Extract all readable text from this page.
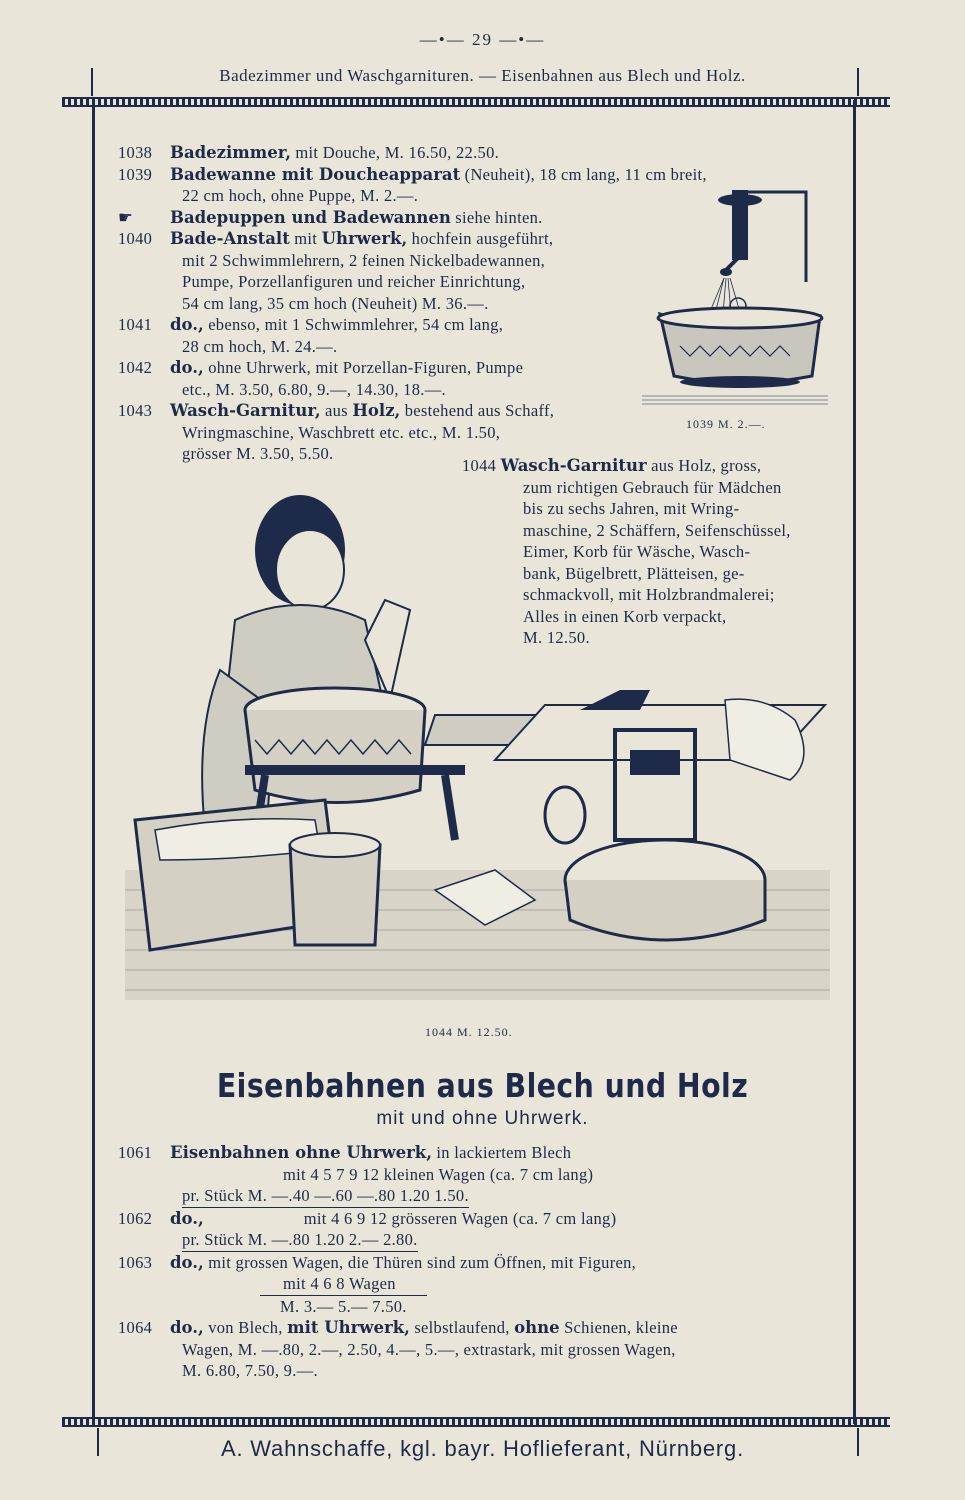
—•— 29 —•—
Badezimmer und Waschgarnituren. — Eisenbahnen aus Blech und Holz.
1038 Badezimmer, mit Douche, M. 16.50, 22.50.
1039 Badewanne mit Doucheapparat (Neuheit), 18 cm lang, 11 cm breit,
22 cm hoch, ohne Puppe, M. 2.—.
☛ Badepuppen und Badewannen siehe hinten.
1040 Bade-Anstalt mit Uhrwerk, hochfein ausgeführt,
mit 2 Schwimmlehrern, 2 feinen Nickelbadewannen,
Pumpe, Porzellanfiguren und reicher Einrichtung,
54 cm lang, 35 cm hoch (Neuheit) M. 36.—.
1041 do., ebenso, mit 1 Schwimmlehrer, 54 cm lang,
28 cm hoch, M. 24.—.
1042 do., ohne Uhrwerk, mit Porzellan-Figuren, Pumpe
etc., M. 3.50, 6.80, 9.—, 14.30, 18.—.
1043 Wasch-Garnitur, aus Holz, bestehend aus Schaff,
Wringmaschine, Waschbrett etc. etc., M. 1.50,
grösser M. 3.50, 5.50.
1039 M. 2.—.
1044 Wasch-Garnitur aus Holz, gross,
zum richtigen Gebrauch für Mädchen
bis zu sechs Jahren, mit Wring-
maschine, 2 Schäffern, Seifenschüssel,
Eimer, Korb für Wäsche, Wasch-
bank, Bügelbrett, Plätteisen, ge-
schmackvoll, mit Holzbrandmalerei;
Alles in einen Korb verpackt,
M. 12.50.
1044 M. 12.50.
Eisenbahnen aus Blech und Holz
mit und ohne Uhrwerk.
1061 Eisenbahnen ohne Uhrwerk, in lackiertem Blech
mit 4 5 7 9 12 kleinen Wagen (ca. 7 cm lang)
pr. Stück M. —.40 —.60 —.80 1.20 1.50.
1062 do.,	mit 4 6 9 12 grösseren Wagen (ca. 7 cm lang)
pr. Stück M. —.80 1.20 2.— 2.80.
1063 do., mit grossen Wagen, die Thüren sind zum Öffnen, mit Figuren,
mit 4 6 8 Wagen
M. 3.— 5.— 7.50.
1064 do., von Blech, mit Uhrwerk, selbstlaufend, ohne Schienen, kleine
Wagen, M. —.80, 2.—, 2.50, 4.—, 5.—, extrastark, mit grossen Wagen,
M. 6.80, 7.50, 9.—.
A. Wahnschaffe, kgl. bayr. Hoflieferant, Nürnberg.
